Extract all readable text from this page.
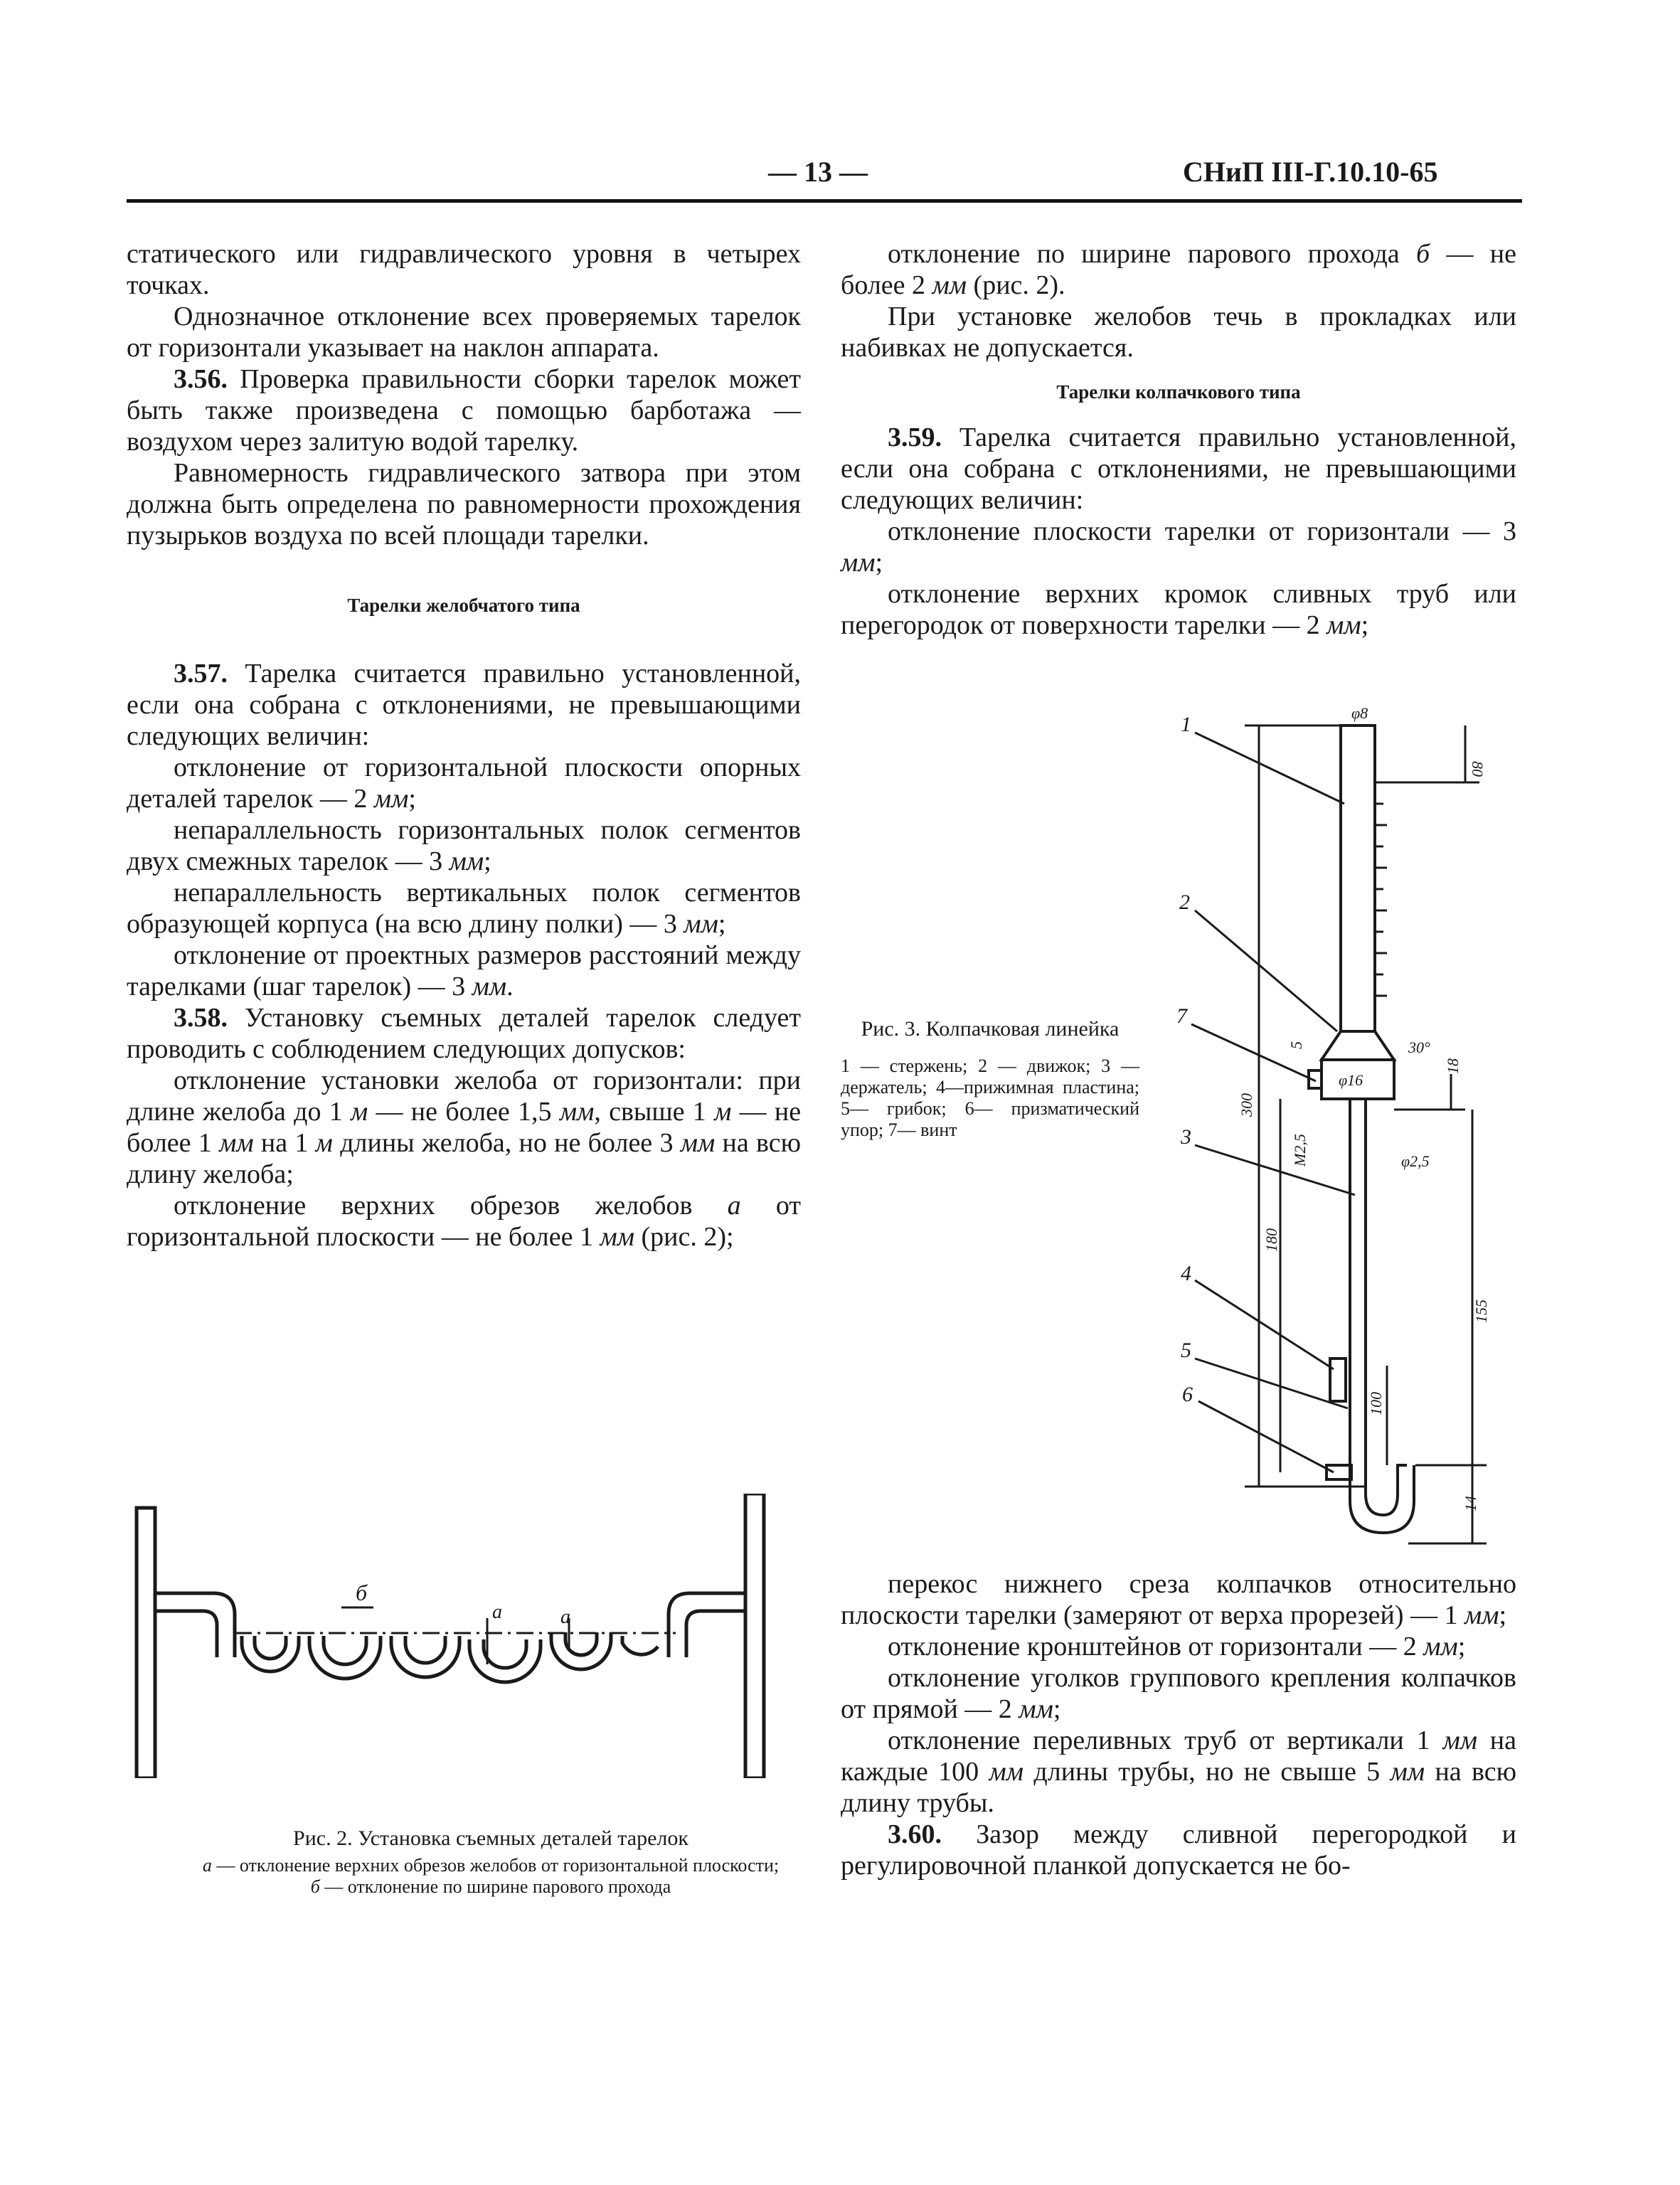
— 13 —	СНиП III-Г.10.10-65

статического или гидравлического уровня в четырех точках.

Однозначное отклонение всех проверяемых тарелок от горизонтали указывает на наклон аппарата.

3.56. Проверка правильности сборки тарелок может быть также произведена с помощью барботажа — воздухом через залитую водой тарелку.

Равномерность гидравлического затвора при этом должна быть определена по равномерности прохождения пузырьков воздуха по всей площади тарелки.

Тарелки желобчатого типа

3.57. Тарелка считается правильно установленной, если она собрана с отклонениями, не превышающими следующих величин:

отклонение от горизонтальной плоскости опорных деталей тарелок — 2 мм;

непараллельность горизонтальных полок сегментов двух смежных тарелок — 3 мм;

непараллельность вертикальных полок сегментов образующей корпуса (на всю длину полки) — 3 мм;

отклонение от проектных размеров расстояний между тарелками (шаг тарелок) — 3 мм.

3.58. Установку съемных деталей тарелок следует проводить с соблюдением следующих допусков:

отклонение установки желоба от горизонтали: при длине желоба до 1 м — не более 1,5 мм, свыше 1 м — не более 1 мм на 1 м длины желоба, но не более 3 мм на всю длину желоба;

отклонение верхних обрезов желобов а от горизонтальной плоскости — не более 1 мм (рис. 2);

б
а	а

Рис. 2. Установка съемных деталей тарелок

а — отклонение верхних обрезов желобов от горизонтальной плоскости; б — отклонение по ширине парового прохода

отклонение по ширине парового прохода б — не более 2 мм (рис. 2).

При установке желобов течь в прокладках или набивках не допускается.

Тарелки колпачкового типа

3.59. Тарелка считается правильно установленной, если она собрана с отклонениями, не превышающими следующих величин:

отклонение плоскости тарелки от горизонтали — 3 мм;

отклонение верхних кромок сливных труб или перегородок от поверхности тарелки — 2 мм;

Рис. 3. Колпачковая линейка

1 — стержень; 2 — движок; 3 — держатель; 4—прижимная пластина; 5— грибок; 6— призматический упор; 7— винт

1
2
7
3
4
5
6
φ8
80
300
5
φ16
30°
18
M2,5	φ2,5
180
155
100
14

перекос нижнего среза колпачков относительно плоскости тарелки (замеряют от верха прорезей) — 1 мм;

отклонение кронштейнов от горизонтали — 2 мм;

отклонение уголков группового крепления колпачков от прямой — 2 мм;

отклонение переливных труб от вертикали 1 мм на каждые 100 мм длины трубы, но не свыше 5 мм на всю длину трубы.

3.60. Зазор между сливной перегородкой и регулировочной планкой допускается не бо-
